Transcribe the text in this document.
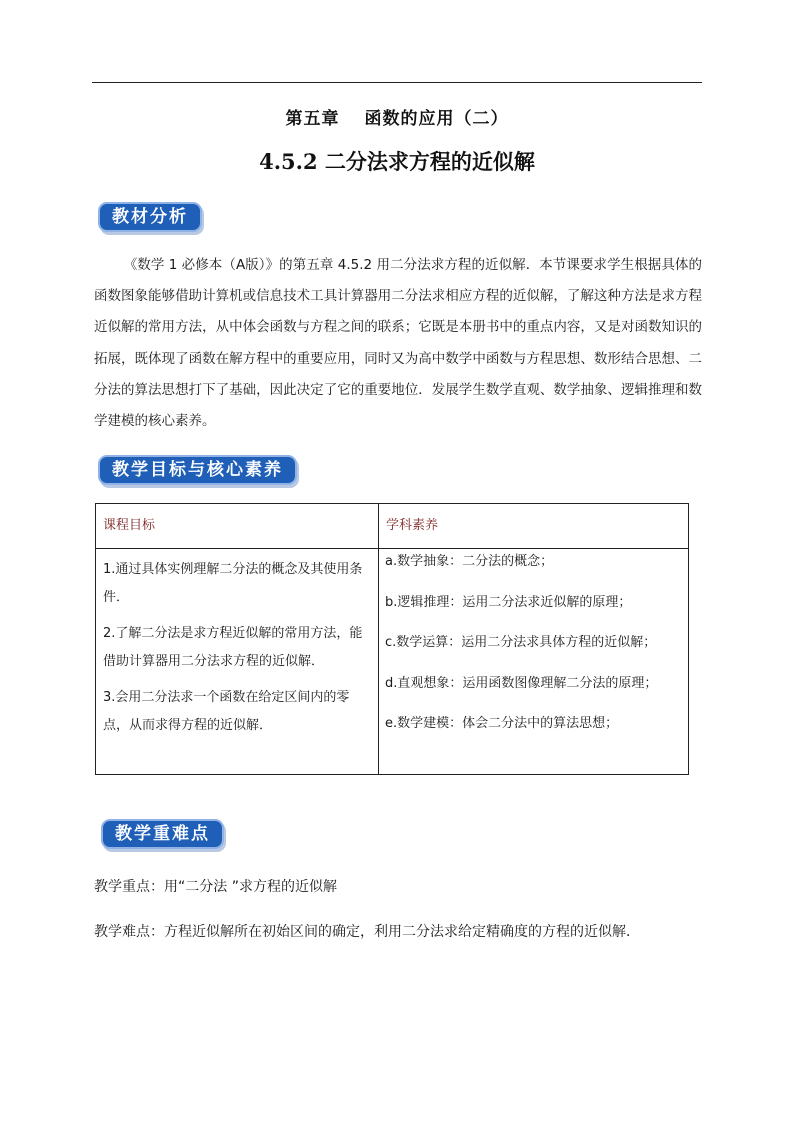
第五章　 函数的应用（二）
4.5.2 二分法求方程的近似解
教材分析
《数学 1 必修本（A版）》的第五章 4.5.2 用二分法求方程的近似解．本节课要求学生根据具体的函数图象能够借助计算机或信息技术工具计算器用二分法求相应方程的近似解，了解这种方法是求方程近似解的常用方法，从中体会函数与方程之间的联系；它既是本册书中的重点内容，又是对函数知识的拓展，既体现了函数在解方程中的重要应用，同时又为高中数学中函数与方程思想、数形结合思想、二分法的算法思想打下了基础，因此决定了它的重要地位．发展学生数学直观、数学抽象、逻辑推理和数学建模的核心素养。
教学目标与核心素养
课程目标	学科素养
1.通过具体实例理解二分法的概念及其使用条件．
2.了解二分法是求方程近似解的常用方法，能借助计算器用二分法求方程的近似解．
3.会用二分法求一个函数在给定区间内的零点，从而求得方程的近似解．
a.数学抽象：二分法的概念；
b.逻辑推理：运用二分法求近似解的原理；
c.数学运算：运用二分法求具体方程的近似解；
d.直观想象：运用函数图像理解二分法的原理；
e.数学建模：体会二分法中的算法思想；
教学重难点
教学重点：用“二分法 ”求方程的近似解
教学难点：方程近似解所在初始区间的确定，利用二分法求给定精确度的方程的近似解．
